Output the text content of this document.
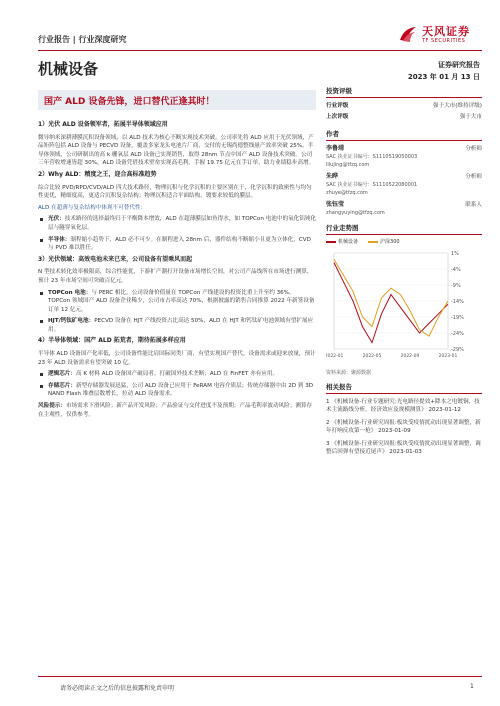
行业报告 | 行业深度研究
天风证券
TF SECURITIES
机械设备	证券研究报告
2023 年 01 月 13 日
国产 ALD 设备先锋，进口替代正逢其时！
1）光伏 ALD 设备领军者，拓展半导体领域应用

微导纳米深耕薄膜沉积设备领域，以 ALD 技术为核心不断实现技术突破。公司率先将 ALD 应用于光伏领域，产品矩阵包括 ALD 设备与 PECVD 设备，覆盖多家龙头电池片厂商，交付的无锡尚德整线量产效率突破 25%。半导体领域，公司研制出的高 k 栅氧层 ALD 设备已实现销售，取得 28nm 节点中国产 ALD 设备技术突破。公司三年营收增速皆超 30%，ALD 设备凭借技术壁垒实现高毛利，手握 19.75 亿元在手订单，助力业绩稳步高增。

2）Why ALD：精度之王，迎合高标准趋势

综合比较 PVD/RPD/CVD/ALD 四大技术路径，物理沉积与化学沉积的主要区别在于，化学沉积的致密性与均匀性更优，精细度高，更适合沉积复杂结构；物理沉积适合平面结构，镀要求较低的膜层。

ALD 在超薄与复杂结构中体现不可替代性：

光伏：技术路径的选择最终归于平衡降本增效，ALD 在超薄膜层如鱼得水，如 TOPCon 电池中的氧化铝钝化层与隧穿氧化层。
半导体：制程缩小趋势下，ALD 必不可少。在制程进入 28nm 后，器件结构不断缩小且更为立体化，CVD 与 PVD 难以胜任。
3）光伏领域：高效电池未来已来，公司设备有望乘风而起

N 型技术转化效率极限高，综合性能优，下游扩产潮打开设备市场增长空间，对公司产品线所在市场进行测算，预计 23 年市场空间可突破百亿元。

TOPCon 电池：与 PERC 相比，公司设备价值量在 TOPCon 产线建设的投资比重上升至约 36%。TOPCon 领域国产 ALD 设备企业稀少，公司市占率高达 70%，根据披露的销售合同推算 2022 年新签设备订单 12 亿元。
HJT/钙钛矿电池：PECVD 设备在 HJT 产线投资占比高达 50%，ALD 在 HJT 和钙钛矿电池领域有望扩展应用。
4）半导体领域：国产 ALD 拓荒者，期待拓展多样应用

半导体 ALD 设备国产化率低，公司设备性能比肩国际同类厂商，有望实现国产替代，设备需求或迎来放量，预计 23 年 ALD 设备需求有望突破 10 亿。

逻辑芯片：高 K 材料 ALD 设备国产破局者，打破国外技术垄断；ALD 在 FinFET 亦有应用。
存储芯片：新型存储器发展迅猛，公司 ALD 设备已应用于 FeRAM 电容介质层；传统存储器中由 2D 到 3D NAND Flash 堆叠层数增长，拉动 ALD 设备需求。

风险提示：市场需求下滑风险；新产品开发风险；产品验证与交付进度不及预期；产品毛利率波动风险；测算存在主观性，仅供参考。

投资评级
行业评级	强于大市(维持评级)
上次评级	强于大市
作者
李鲁靖	分析师
SAC 执业证书编号：S1110519050003
lilujing@tfzq.com
朱晔	分析师
SAC 执业证书编号：S1110522080001
zhuye@tfzq.com
张钰莹	联系人
zhangyuying@tfzq.com
行业走势图
机械设备	沪深300
1%
-4%
-9%
-14%
-19%
-24%
-29%
2022-01	2022-05	2022-09	2023-01
资料来源：聚源数据
相关报告
1 《机械设备-行业专题研究:光电路径提效+降本之电镀铜，技术主流路线分析，经济效应及规模测算》 2023-01-12
2 《机械设备-行业研究周报:板块受疫情扰动出现显著调整，新年打响反攻第一枪》 2023-01-09
3 《机械设备-行业研究周报:板块受疫情扰动出现显著调整，调整后回弹有望接近尾声》 2023-01-03
请务必阅读正文之后的信息披露和免责申明	1
